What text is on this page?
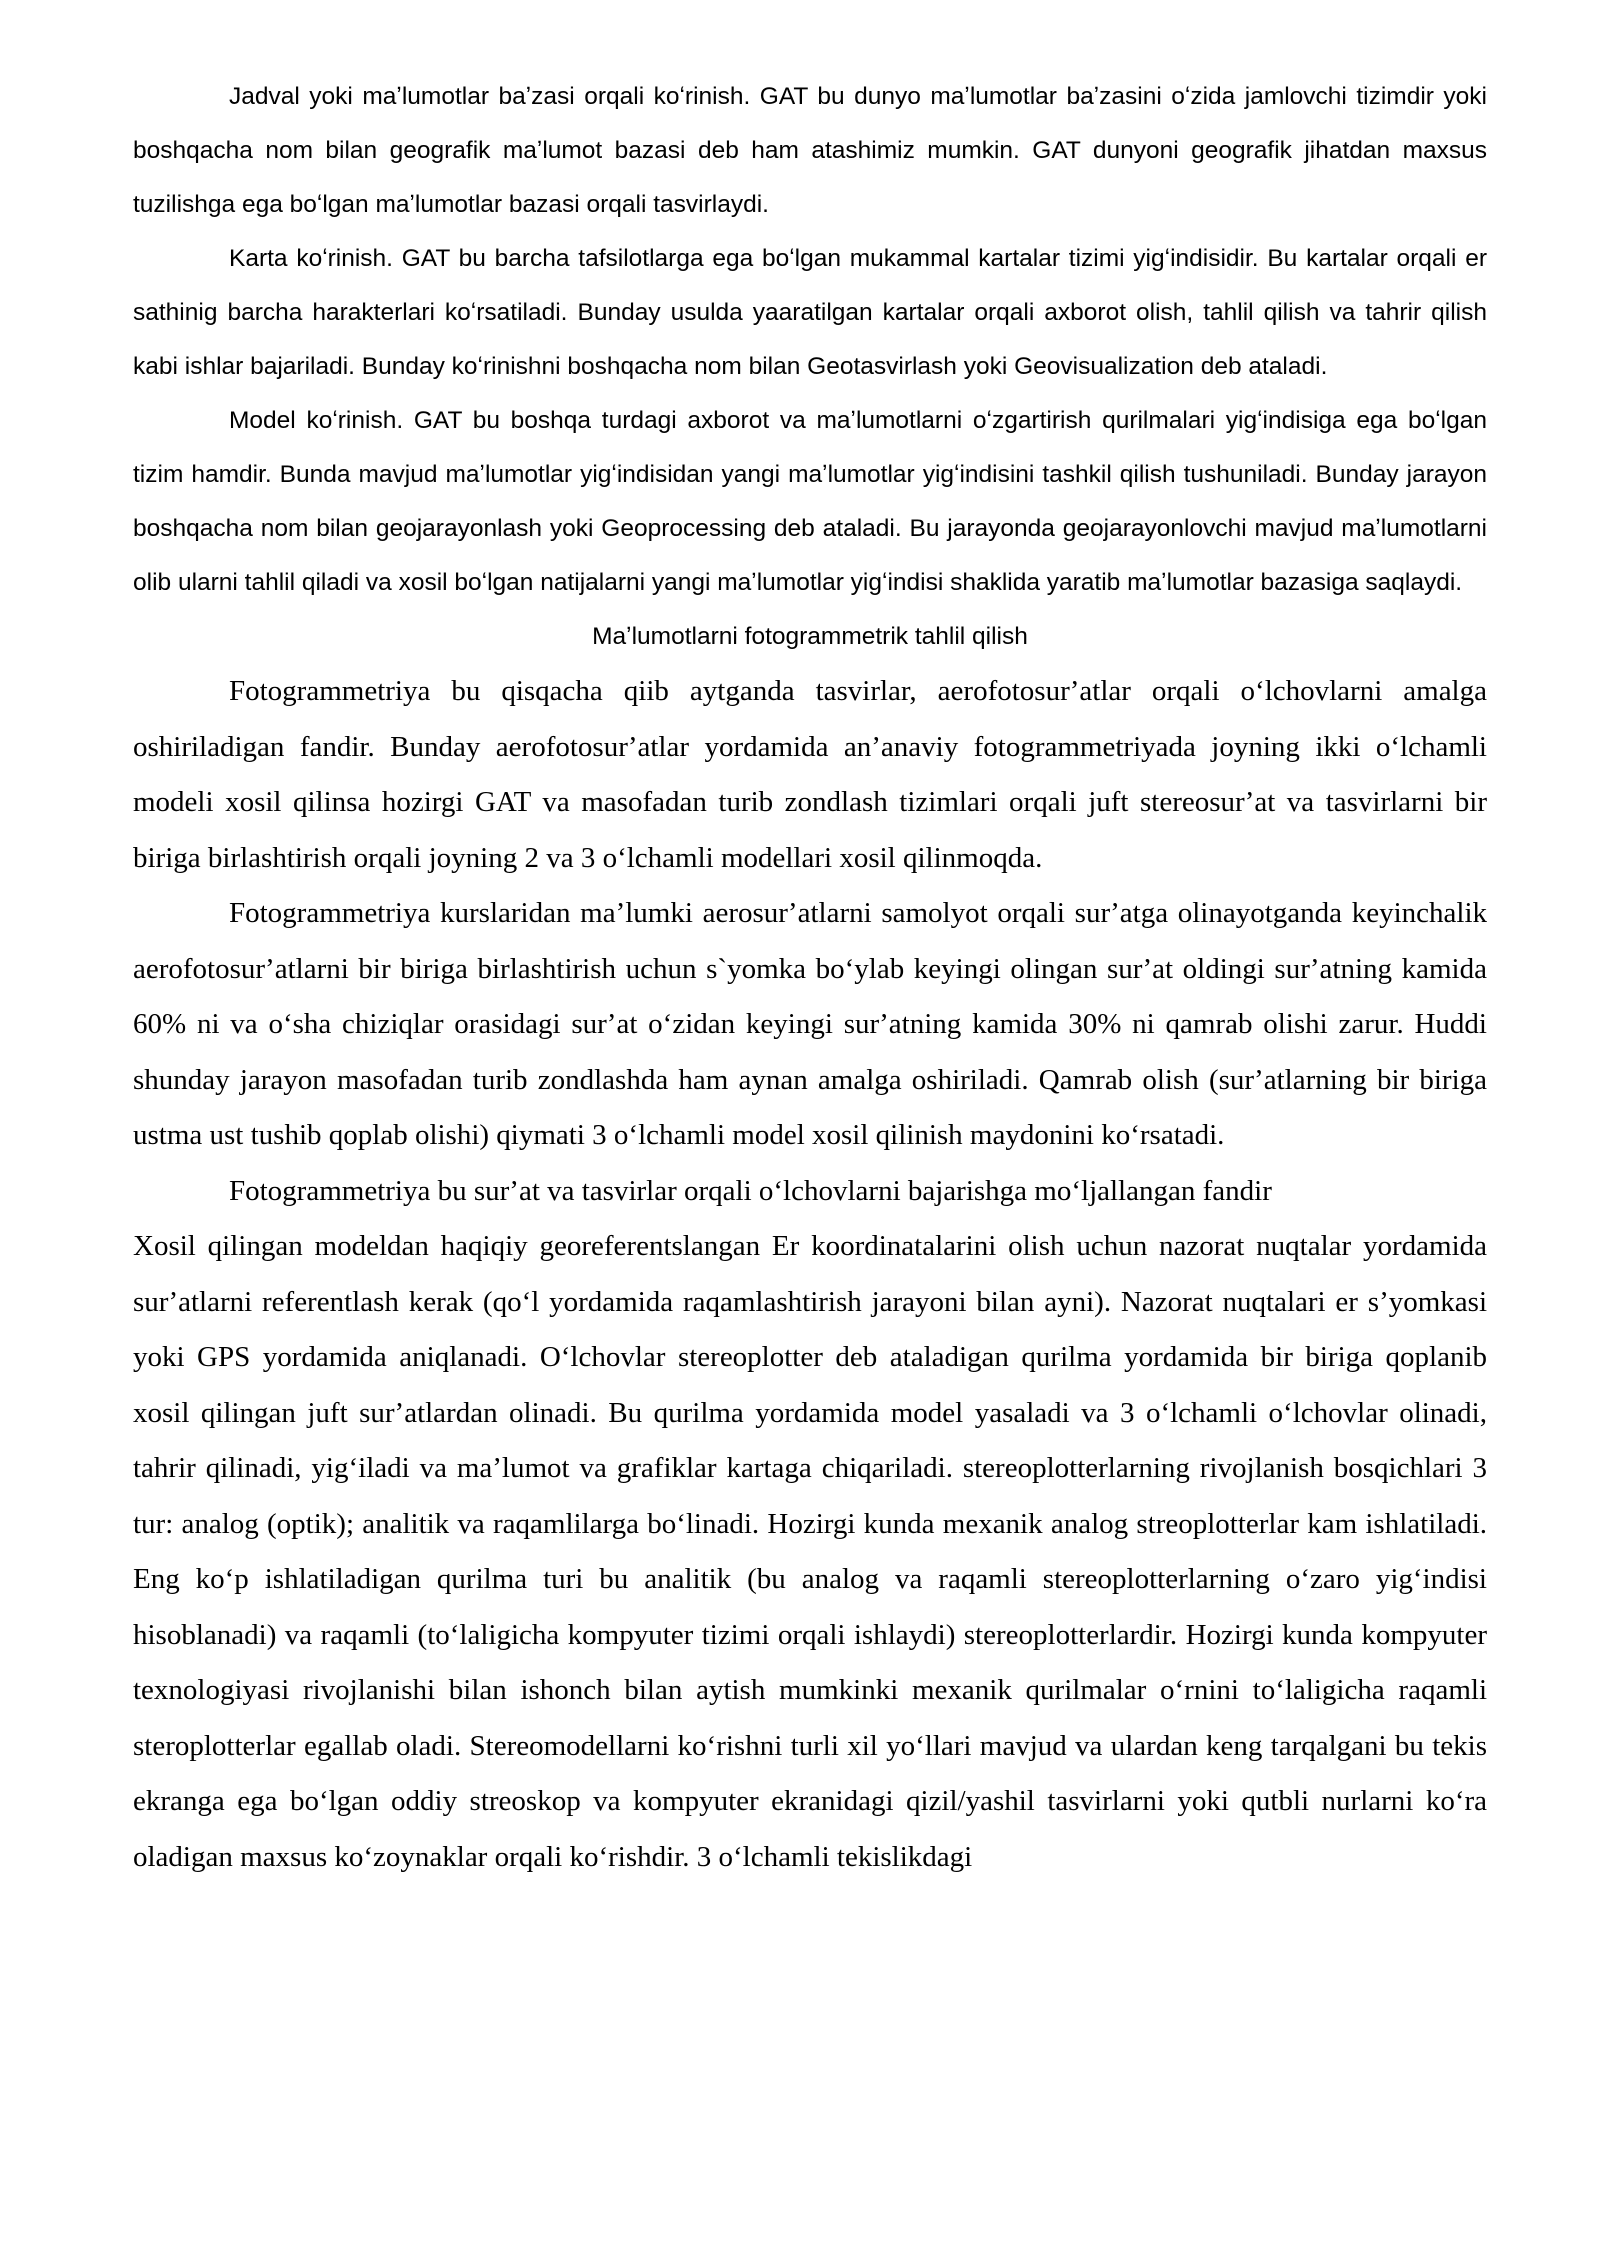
Jadval yoki maʼlumotlar baʼzasi orqali koʻrinish. GAT bu dunyo maʼlumotlar baʼzasini oʻzida jamlovchi tizimdir yoki boshqacha nom bilan geografik maʼlumot bazasi deb ham atashimiz mumkin. GAT dunyoni geografik jihatdan maxsus tuzilishga ega boʻlgan maʼlumotlar bazasi orqali tasvirlaydi.

Karta koʻrinish. GAT bu barcha tafsilotlarga ega boʻlgan mukammal kartalar tizimi yigʻindisidir. Bu kartalar orqali er sathinig barcha harakterlari koʻrsatiladi. Bunday usulda yaaratilgan kartalar orqali axborot olish, tahlil qilish va tahrir qilish kabi ishlar bajariladi. Bunday koʻrinishni boshqacha nom bilan Geotasvirlash yoki Geovisualization deb ataladi.

Model koʻrinish. GAT bu boshqa turdagi axborot va maʼlumotlarni oʻzgartirish qurilmalari yigʻindisiga ega boʻlgan tizim hamdir. Bunda mavjud maʼlumotlar yigʻindisidan yangi maʼlumotlar yigʻindisini tashkil qilish tushuniladi. Bunday jarayon boshqacha nom bilan geojarayonlash yoki Geoprocessing deb ataladi. Bu jarayonda geojarayonlovchi mavjud maʼlumotlarni olib ularni tahlil qiladi va xosil boʻlgan natijalarni yangi maʼlumotlar yigʻindisi shaklida yaratib maʼlumotlar bazasiga saqlaydi.

Maʼlumotlarni fotogrammetrik tahlil qilish

Fotogrammetriya bu qisqacha qiib aytganda tasvirlar, aerofotosurʼatlar orqali oʻlchovlarni amalga oshiriladigan fandir. Bunday aerofotosurʼatlar yordamida anʼanaviy fotogrammetriyada joyning ikki oʻlchamli modeli xosil qilinsa hozirgi GAT va masofadan turib zondlash tizimlari orqali juft stereosurʼat va tasvirlarni bir biriga birlashtirish orqali joyning 2 va 3 oʻlchamli modellari xosil qilinmoqda.

Fotogrammetriya kurslaridan maʼlumki aerosurʼatlarni samolyot orqali surʼatga olinayotganda keyinchalik aerofotosurʼatlarni bir biriga birlashtirish uchun s`yomka boʻylab keyingi olingan surʼat oldingi surʼatning kamida 60% ni va oʻsha chiziqlar orasidagi surʼat oʻzidan keyingi surʼatning kamida 30% ni qamrab olishi zarur. Huddi shunday jarayon masofadan turib zondlashda ham aynan amalga oshiriladi. Qamrab olish (surʼatlarning bir biriga ustma ust tushib qoplab olishi) qiymati 3 oʻlchamli model xosil qilinish maydonini koʻrsatadi.

Fotogrammetriya bu surʼat va tasvirlar orqali oʻlchovlarni bajarishga moʻljallangan fandir

Xosil qilingan modeldan haqiqiy georeferentslangan Er koordinatalarini olish uchun nazorat nuqtalar yordamida surʼatlarni referentlash kerak (qoʻl yordamida raqamlashtirish jarayoni bilan ayni). Nazorat nuqtalari er sʼyomkasi yoki GPS yordamida aniqlanadi. Oʻlchovlar stereoplotter deb ataladigan qurilma yordamida bir biriga qoplanib xosil qilingan juft surʼatlardan olinadi. Bu qurilma yordamida model yasaladi va 3 oʻlchamli oʻlchovlar olinadi, tahrir qilinadi, yigʻiladi va maʼlumot va grafiklar kartaga chiqariladi. stereoplotterlarning rivojlanish bosqichlari 3 tur: analog (optik); analitik va raqamlilarga boʻlinadi. Hozirgi kunda mexanik analog streoplotterlar kam ishlatiladi. Eng koʻp ishlatiladigan qurilma turi bu analitik (bu analog va raqamli stereoplotterlarning oʻzaro yigʻindisi hisoblanadi) va raqamli (toʻlaligicha kompyuter tizimi orqali ishlaydi) stereoplotterlardir. Hozirgi kunda kompyuter texnologiyasi rivojlanishi bilan ishonch bilan aytish mumkinki mexanik qurilmalar oʻrnini toʻlaligicha raqamli steroplotterlar egallab oladi. Stereomodellarni koʻrishni turli xil yoʻllari mavjud va ulardan keng tarqalgani bu tekis ekranga ega boʻlgan oddiy streoskop va kompyuter ekranidagi qizil/yashil tasvirlarni yoki qutbli nurlarni koʻra oladigan maxsus koʻzoynaklar orqali koʻrishdir. 3 oʻlchamli tekislikdagi
